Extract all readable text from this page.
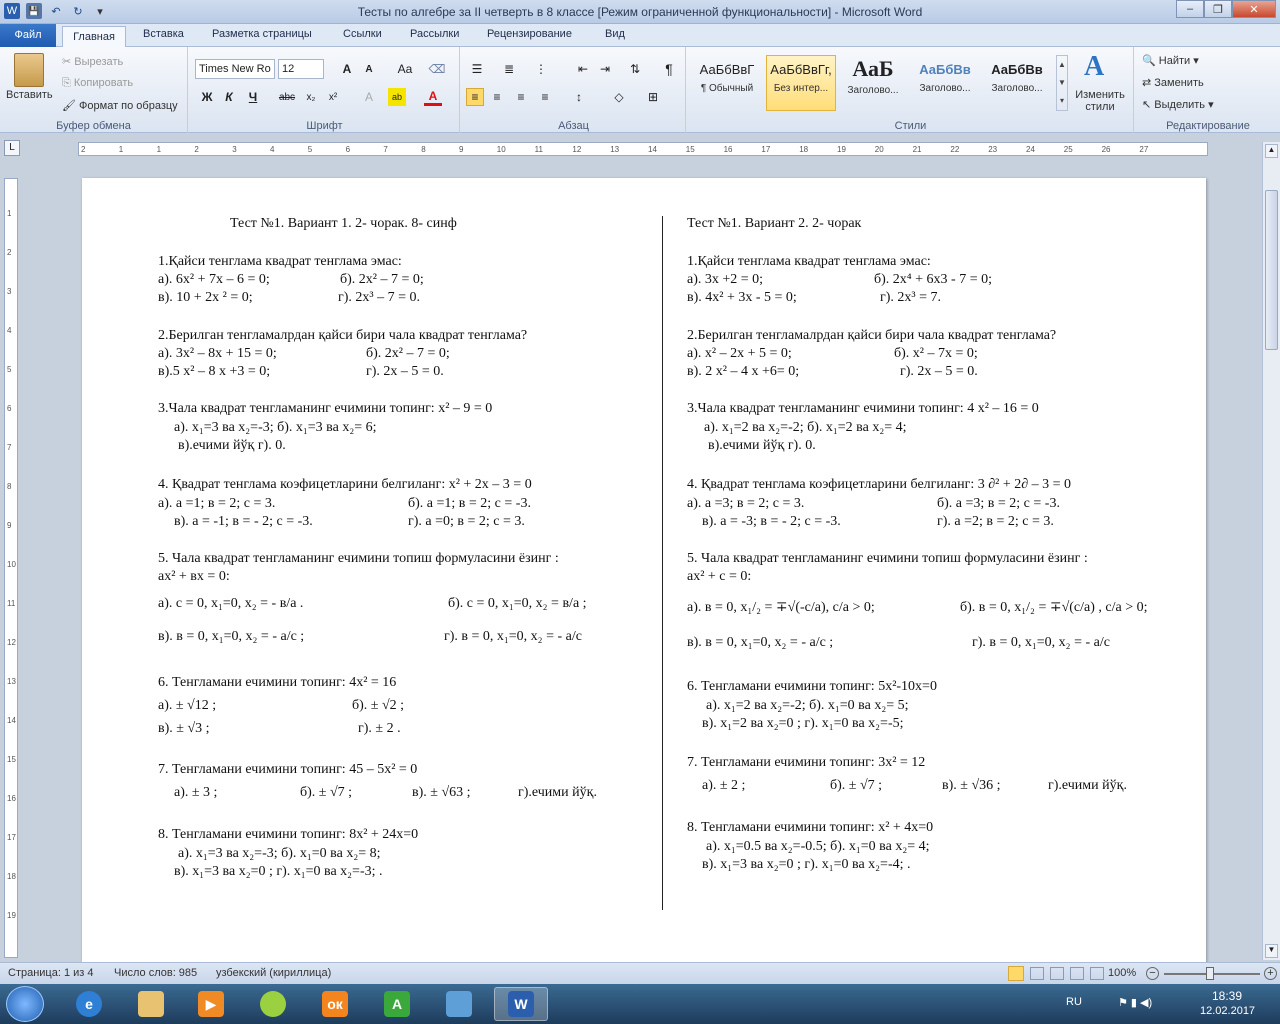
W	💾	↶	↻	▾	Тесты по алгебре за II четверть в 8 классе [Режим ограниченной функциональности] - Microsoft Word	–	❐	✕
Файл	Главная	Вставка	Разметка страницы	Ссылки	Рассылки	Рецензирование	Вид
Вставить
✂ Вырезать
⎘ Копировать
🖌 Формат по образцу
Буфер обмена
Times New Ro	12	A	A	Aa	⌫
Ж	К	Ч	abc	x₂	x²	A	ab	A
Шрифт
☰	≣	⋮	⇤ ⇥	⇅	¶
≡	≡	≡	≡	↕	◇	⊞
Абзац
АаБбВвГ
¶ Обычный
АаБбВвГг,
Без интер...
АаБ
Заголово...
АаБбВв
Заголово...
АаБбВв
Заголово...
▲
▼
▾
A
Изменить стили
Стили
🔍 Найти ▾
⇄ Заменить
↖ Выделить ▾
Редактирование
L	2	1	1	2	3	4	5	6	7	8	9	10	11	12	13	14	15	16	17	18	19	20	21	22	23	24	25	26	27
1
2
3
4
5
6
7
8
9
10
11
12
13
14
15
16
17
18
19
▲
▼
Тест №1. Вариант 1. 2- чорак. 8- синф
1.Қайси тенглама квадрат тенглама эмас:
а). 6x² + 7x – 6 = 0;	б). 2x² – 7 = 0;
в). 10 + 2x ² = 0;	г). 2x³ – 7 = 0.
2.Берилган тенгламалрдан қайси бири чала квадрат тенглама?
а). 3x² – 8x + 15 = 0;	б). 2x² – 7 = 0;
в).5 x² – 8 x +3 = 0;	г). 2x – 5 = 0.
3.Чала квадрат тенгламанинг ечимини топинг: x² – 9 = 0
а). x₁=3 ва x₂=-3; б). x₁=3 ва x₂= 6;
в).ечими йўқ г). 0.
4. Қвадрат тенглама коэфицетларини белгиланг: x² + 2x – 3 = 0
а). а =1; в = 2; с = 3.	б). а =1; в = 2; с = -3.
в). а = -1; в = - 2; с = -3.	г). а =0; в = 2; с = 3.
5. Чала квадрат тенгламанинг ечимини топиш формуласини ёзинг :
ax² + вx = 0:
а). с = 0, x₁=0, x₂ = - в/а .	б). с = 0, x₁=0, x₂ = в/а ;
в). в = 0, x₁=0, x₂ = - а/с ;	г). в = 0, x₁=0, x₂ = - а/с
6. Тенгламани ечимини топинг: 4x² = 16
а). ± √12 ;	б). ± √2 ;
в). ± √3 ;	г). ± 2 .
7. Тенгламани ечимини топинг: 45 – 5x² = 0
а). ± 3 ;	б). ± √7 ;	в). ± √63 ;	г).ечими йўқ.
8. Тенгламани ечимини топинг: 8x² + 24x=0
а). x₁=3 ва x₂=-3; б). x₁=0 ва x₂= 8;
в). x₁=3 ва x₂=0 ; г). x₁=0 ва x₂=-3; .
Тест №1. Вариант 2. 2- чорак
1.Қайси тенглама квадрат тенглама эмас:
а). 3x +2 = 0;	б). 2x⁴ + 6x3 - 7 = 0;
в). 4x² + 3x - 5 = 0;	г). 2x³ = 7.
2.Берилган тенгламалрдан қайси бири чала квадрат тенглама?
а). x² – 2x + 5 = 0;	б). x² – 7x = 0;
в). 2 x² – 4 x +6= 0;	г). 2x – 5 = 0.
3.Чала квадрат тенгламанинг ечимини топинг: 4 x² – 16 = 0
а). x₁=2 ва x₂=-2; б). x₁=2 ва x₂= 4;
в).ечими йўқ г). 0.
4. Қвадрат тенглама коэфицетларини белгиланг: 3 ∂² + 2∂ – 3 = 0
а). а =3; в = 2; с = 3.	б). а =3; в = 2; с = -3.
в). а = -3; в = - 2; с = -3.	г). а =2; в = 2; с = 3.
5. Чала квадрат тенгламанинг ечимини топиш формуласини ёзинг :
ax² + с = 0:
а). в = 0, x₁/₂ = ∓√(-с/а), с/а > 0;	б). в = 0, x₁/₂ = ∓√(с/а) , с/а > 0;
в). в = 0, x₁=0, x₂ = - а/с ;	г). в = 0, x₁=0, x₂ = - а/с
6. Тенгламани ечимини топинг: 5x²-10x=0
а). x₁=2 ва x₂=-2; б). x₁=0 ва x₂= 5;
в). x₁=2 ва x₂=0 ; г). x₁=0 ва x₂=-5;
7. Тенгламани ечимини топинг: 3x² = 12
а). ± 2 ;	б). ± √7 ;	в). ± √36 ;	г).ечими йўқ.
8. Тенгламани ечимини топинг: x² + 4x=0
а). x₁=0.5 ва x₂=-0.5; б). x₁=0 ва x₂= 4;
в). x₁=3 ва x₂=0 ; г). x₁=0 ва x₂=-4; .
Страница: 1 из 4 Число слов: 985 узбекский (кириллица)	100% −	+
e	▶	ок	A	W	RU	⚑ ▮ ◀)	18:39
12.02.2017
